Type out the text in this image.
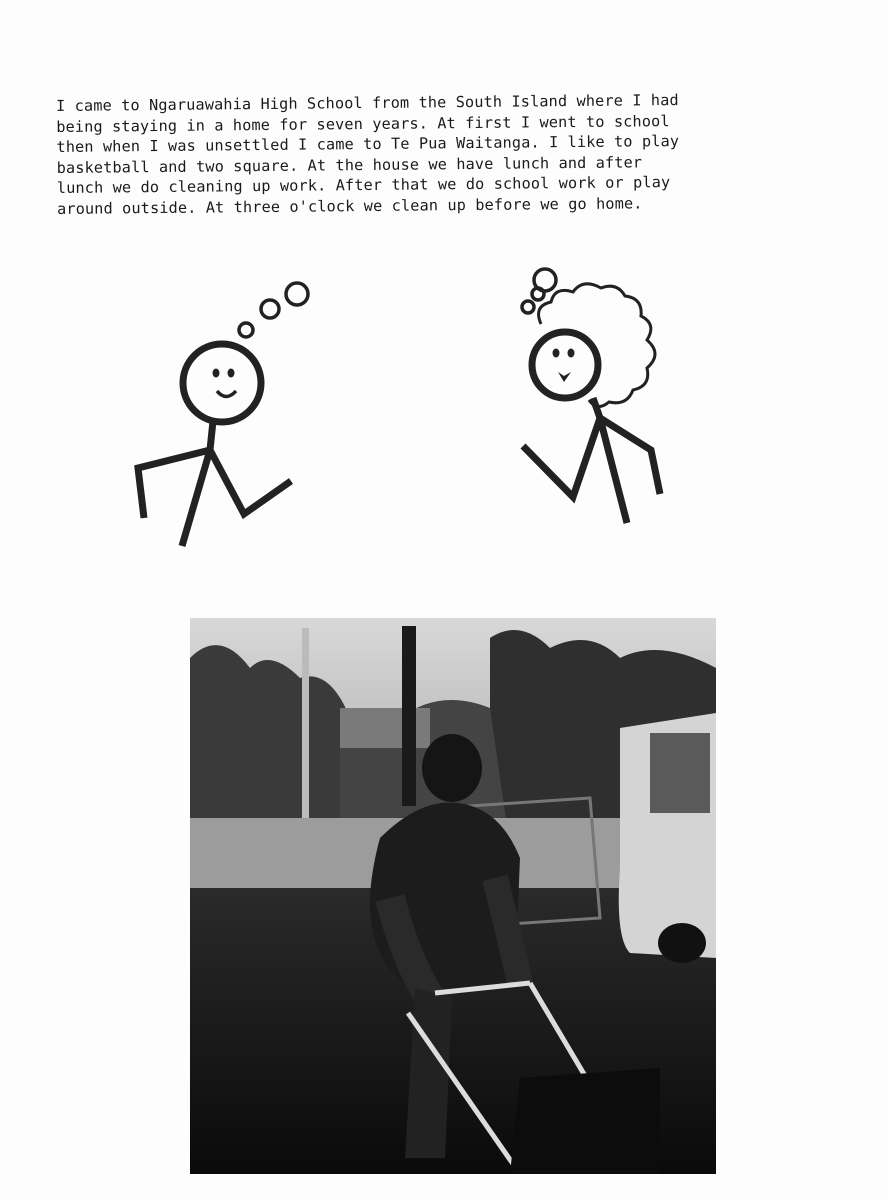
I came to Ngaruawahia High School from the South Island where I had
being staying in a home for seven years. At first I went to school
then when I was unsettled I came to Te Pua Waitanga. I like to play
basketball and two square. At the house we have lunch and after
lunch we do cleaning up work. After that we do school work or play
around outside. At three o'clock we clean up before we go home.
